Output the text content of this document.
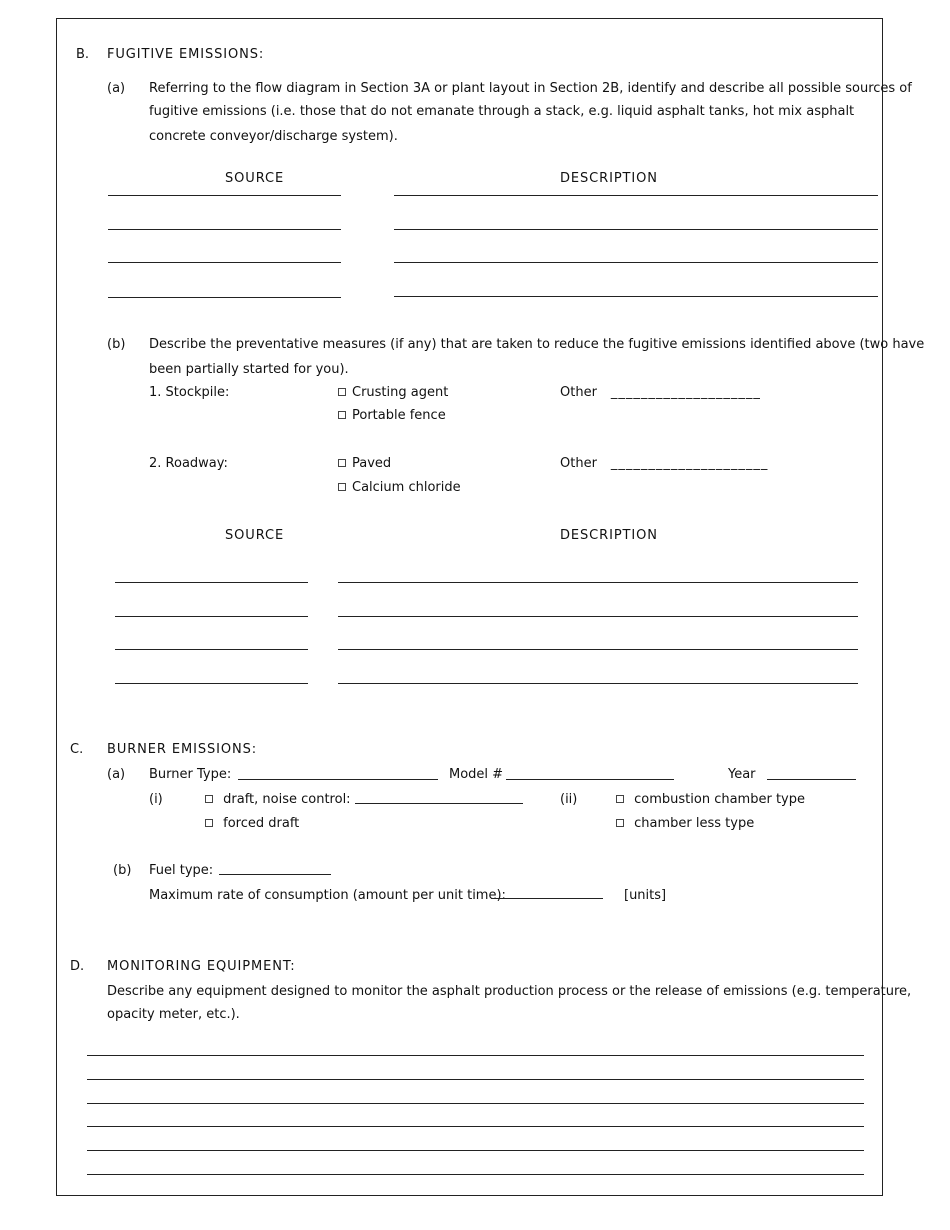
B. FUGITIVE EMISSIONS:
(a) Referring to the flow diagram in Section 3A or plant layout in Section 2B, identify and describe all possible sources of
fugitive emissions (i.e. those that do not emanate through a stack, e.g. liquid asphalt tanks, hot mix asphalt
concrete conveyor/discharge system).
SOURCE	DESCRIPTION
(b) Describe the preventative measures (if any) that are taken to reduce the fugitive emissions identified above (two have
been partially started for you).
1. Stockpile:	Crusting agent
Portable fence
Other ____________________
2. Roadway:	Paved
Calcium chloride
Other _____________________
SOURCE	DESCRIPTION
C. BURNER EMISSIONS:
(a) Burner Type:	Model #	Year
(i)	draft, noise control:
forced draft
(ii)	combustion chamber type
chamber less type
(b) Fuel type:
Maximum rate of consumption (amount per unit time):	[units]
D. MONITORING EQUIPMENT:
Describe any equipment designed to monitor the asphalt production process or the release of emissions (e.g. temperature,
opacity meter, etc.).
